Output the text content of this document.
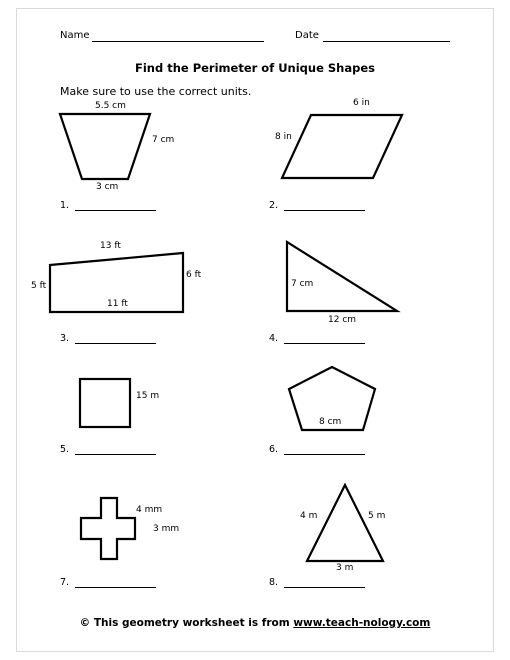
Name	Date
Find the Perimeter of Unique Shapes
Make sure to use the correct units.
5.5 cm
7 cm
3 cm
6 in
8 in
13 ft
6 ft
5 ft
11 ft
7 cm
12 cm
15 m
8 cm
4 mm
3 mm
4 m	5 m
3 m
1.	2.
3.	4.
5.	6.
7.	8.
© This geometry worksheet is from www.teach-nology.com
